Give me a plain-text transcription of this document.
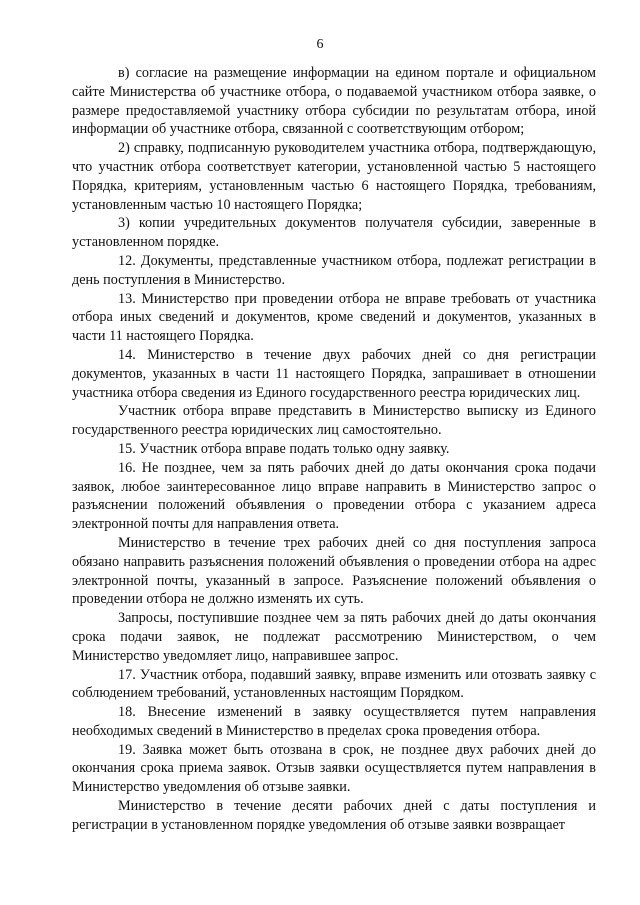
6

в) согласие на размещение информации на едином портале и официальном сайте Министерства об участнике отбора, о подаваемой участником отбора заявке, о размере предоставляемой участнику отбора субсидии по результатам отбора, иной информации об участнике отбора, связанной с соответствующим отбором;

2) справку, подписанную руководителем участника отбора, подтверждающую, что участник отбора соответствует категории, установленной частью 5 настоящего Порядка, критериям, установленным частью 6 настоящего Порядка, требованиям, установленным частью 10 настоящего Порядка;

3) копии учредительных документов получателя субсидии, заверенные в установленном порядке.

12. Документы, представленные участником отбора, подлежат регистрации в день поступления в Министерство.

13. Министерство при проведении отбора не вправе требовать от участника отбора иных сведений и документов, кроме сведений и документов, указанных в части 11 настоящего Порядка.

14. Министерство в течение двух рабочих дней со дня регистрации документов, указанных в части 11 настоящего Порядка, запрашивает в отношении участника отбора сведения из Единого государственного реестра юридических лиц.

Участник отбора вправе представить в Министерство выписку из Единого государственного реестра юридических лиц самостоятельно.

15. Участник отбора вправе подать только одну заявку.

16. Не позднее, чем за пять рабочих дней до даты окончания срока подачи заявок, любое заинтересованное лицо вправе направить в Министерство запрос о разъяснении положений объявления о проведении отбора с указанием адреса электронной почты для направления ответа.

Министерство в течение трех рабочих дней со дня поступления запроса обязано направить разъяснения положений объявления о проведении отбора на адрес электронной почты, указанный в запросе. Разъяснение положений объявления о проведении отбора не должно изменять их суть.

Запросы, поступившие позднее чем за пять рабочих дней до даты окончания срока подачи заявок, не подлежат рассмотрению Министерством, о чем Министерство уведомляет лицо, направившее запрос.

17. Участник отбора, подавший заявку, вправе изменить или отозвать заявку с соблюдением требований, установленных настоящим Порядком.

18. Внесение изменений в заявку осуществляется путем направления необходимых сведений в Министерство в пределах срока проведения отбора.

19. Заявка может быть отозвана в срок, не позднее двух рабочих дней до окончания срока приема заявок. Отзыв заявки осуществляется путем направления в Министерство уведомления об отзыве заявки.

Министерство в течение десяти рабочих дней с даты поступления и регистрации в установленном порядке уведомления об отзыве заявки возвращает
